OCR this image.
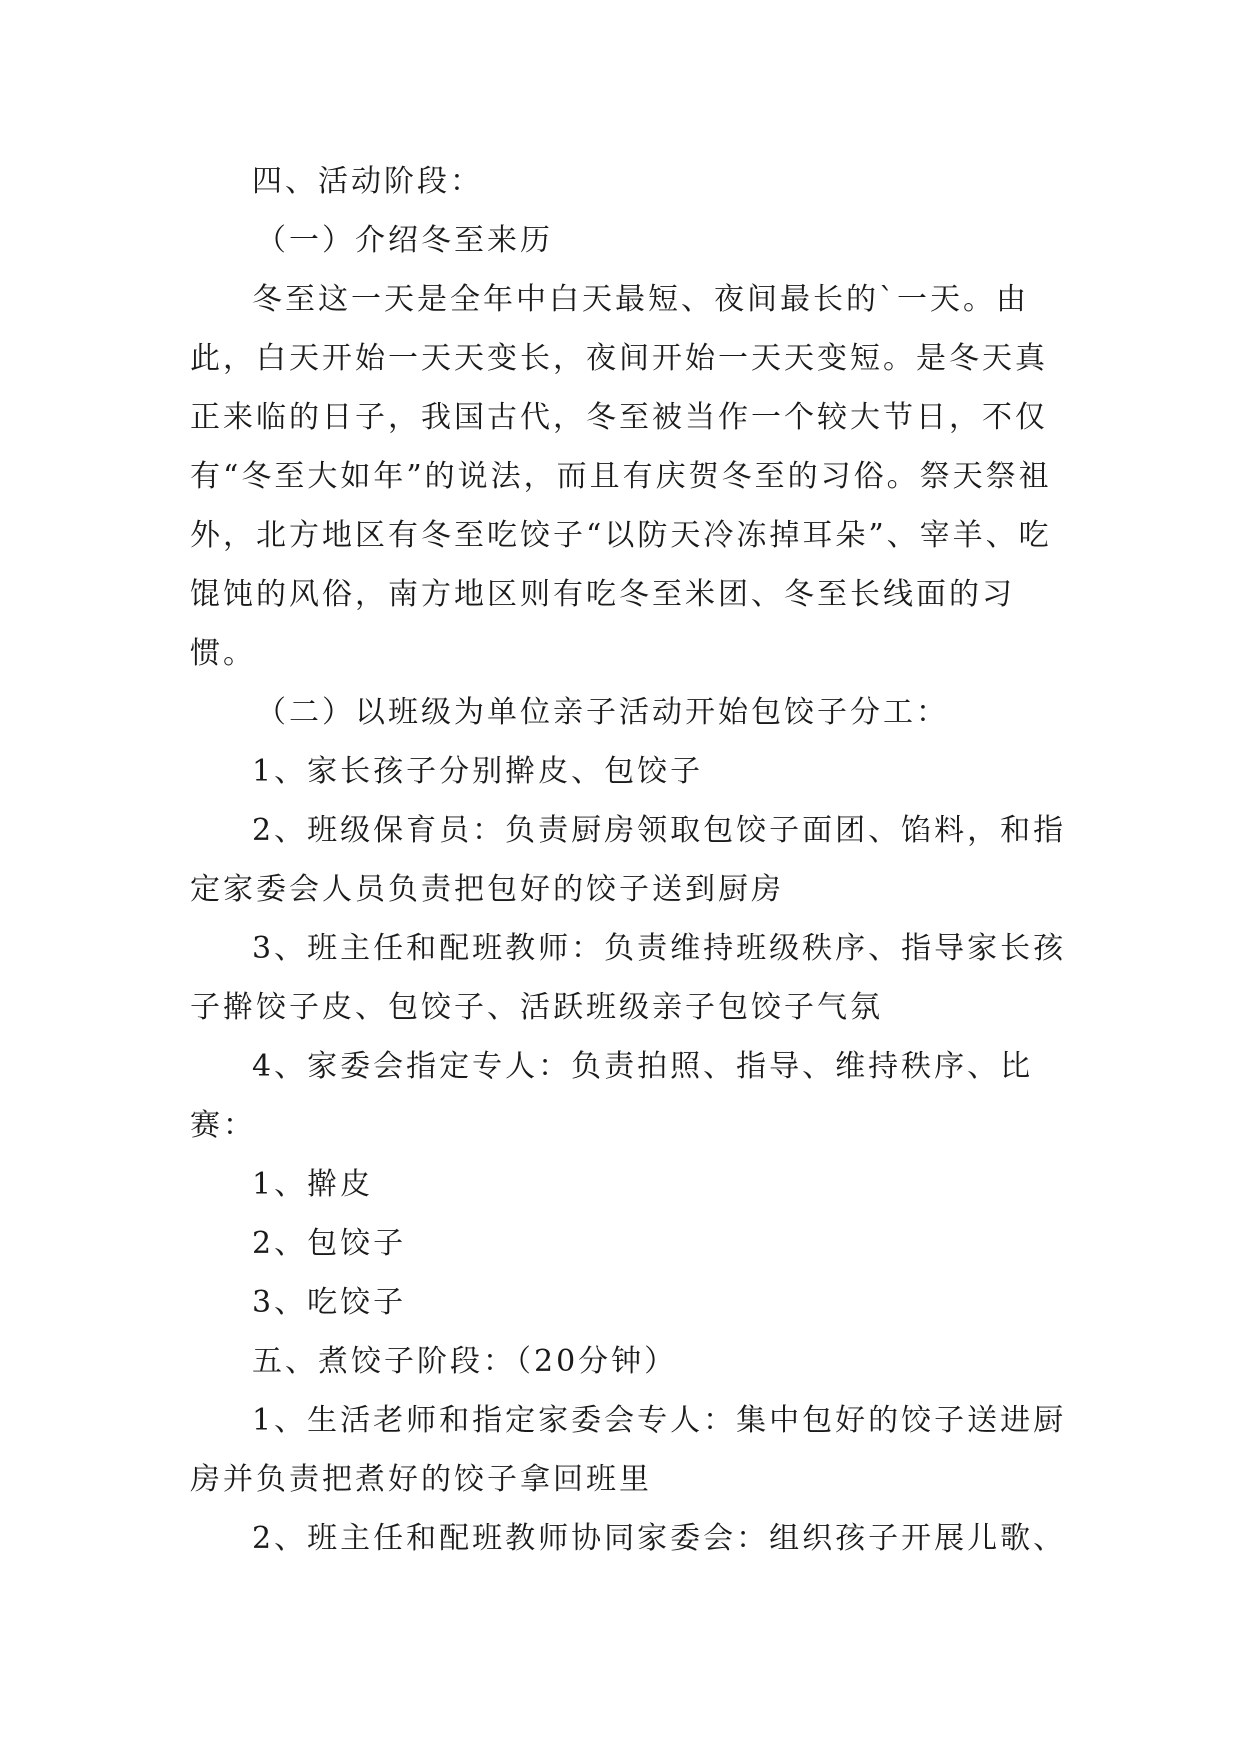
四、活动阶段：

（一）介绍冬至来历

冬至这一天是全年中白天最短、夜间最长的`一天。由此，白天开始一天天变长，夜间开始一天天变短。是冬天真正来临的日子，我国古代，冬至被当作一个较大节日，不仅有“冬至大如年”的说法，而且有庆贺冬至的习俗。祭天祭祖外，北方地区有冬至吃饺子“以防天冷冻掉耳朵”、宰羊、吃馄饨的风俗，南方地区则有吃冬至米团、冬至长线面的习惯。

（二）以班级为单位亲子活动开始包饺子分工：

1、家长孩子分别擀皮、包饺子

2、班级保育员：负责厨房领取包饺子面团、馅料，和指定家委会人员负责把包好的饺子送到厨房

3、班主任和配班教师：负责维持班级秩序、指导家长孩子擀饺子皮、包饺子、活跃班级亲子包饺子气氛

4、家委会指定专人：负责拍照、指导、维持秩序、比赛：

1、擀皮

2、包饺子

3、吃饺子

五、煮饺子阶段：（20分钟）

1、生活老师和指定家委会专人：集中包好的饺子送进厨房并负责把煮好的饺子拿回班里

2、班主任和配班教师协同家委会：组织孩子开展儿歌、
